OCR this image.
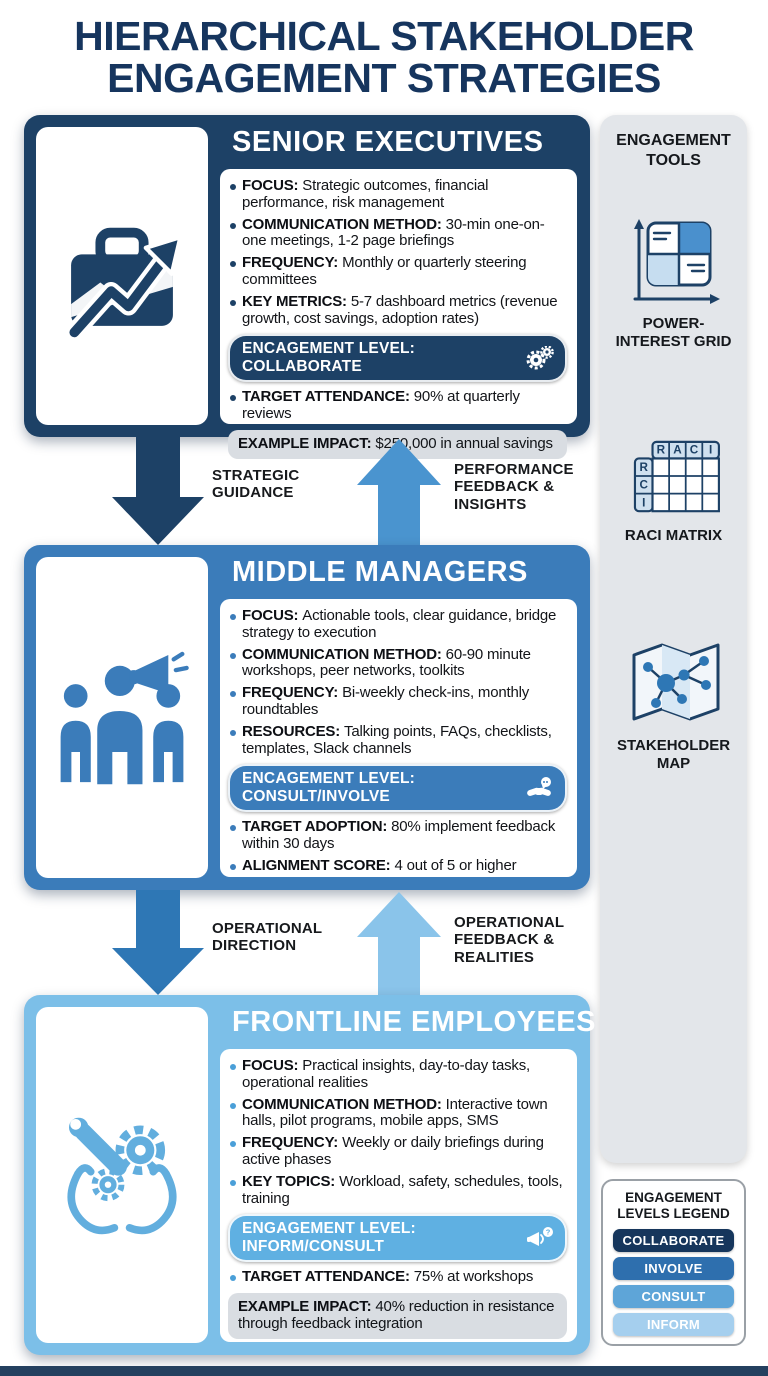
HIERARCHICAL STAKEHOLDER ENGAGEMENT STRATEGIES
SENIOR EXECUTIVES

FOCUS: Strategic outcomes, financial performance, risk management

COMMUNICATION METHOD: 30-min one-on-one meetings, 1-2 page briefings

FREQUENCY: Monthly or quarterly steering committees

KEY METRICS: 5-7 dashboard metrics (revenue growth, cost savings, adoption rates)

ENCAGEMENT LEVEL: COLLABORATE

TARGET ATTENDANCE: 90% at quarterly reviews

EXAMPLE IMPACT: $250,000 in annual savings
STRATEGIC GUIDANCE
PERFORMANCE FEEDBACK & INSIGHTS
MIDDLE MANAGERS

FOCUS: Actionable tools, clear guidance, bridge strategy to execution

COMMUNICATION METHOD: 60-90 minute workshops, peer networks, toolkits

FREQUENCY: Bi-weekly check-ins, monthly roundtables

RESOURCES: Talking points, FAQs, checklists, templates, Slack channels

ENCAGEMENT LEVEL: CONSULT/INVOLVE

TARGET ADOPTION: 80% implement feedback within 30 days

ALIGNMENT SCORE: 4 out of 5 or higher

OPERATIONAL DIRECTION
OPERATIONAL FEEDBACK & REALITIES
FRONTLINE EMPLOYEES

FOCUS: Practical insights, day-to-day tasks, operational realities

COMMUNICATION METHOD: Interactive town halls, pilot programs, mobile apps, SMS

FREQUENCY: Weekly or daily briefings during active phases

KEY TOPICS: Workload, safety, schedules, tools, training

ENGAGEMENT LEVEL: INFORM/CONSULT
?

TARGET ATTENDANCE: 75% at workshops

EXAMPLE IMPACT: 40% reduction in resistance through feedback integration
ENGAGEMENT TOOLS
POWER-INTEREST GRID
R A C I
R
C
I
RACI MATRIX
STAKEHOLDER MAP
ENGAGEMENT LEVELS LEGEND
COLLABORATE
INVOLVE
CONSULT
INFORM
